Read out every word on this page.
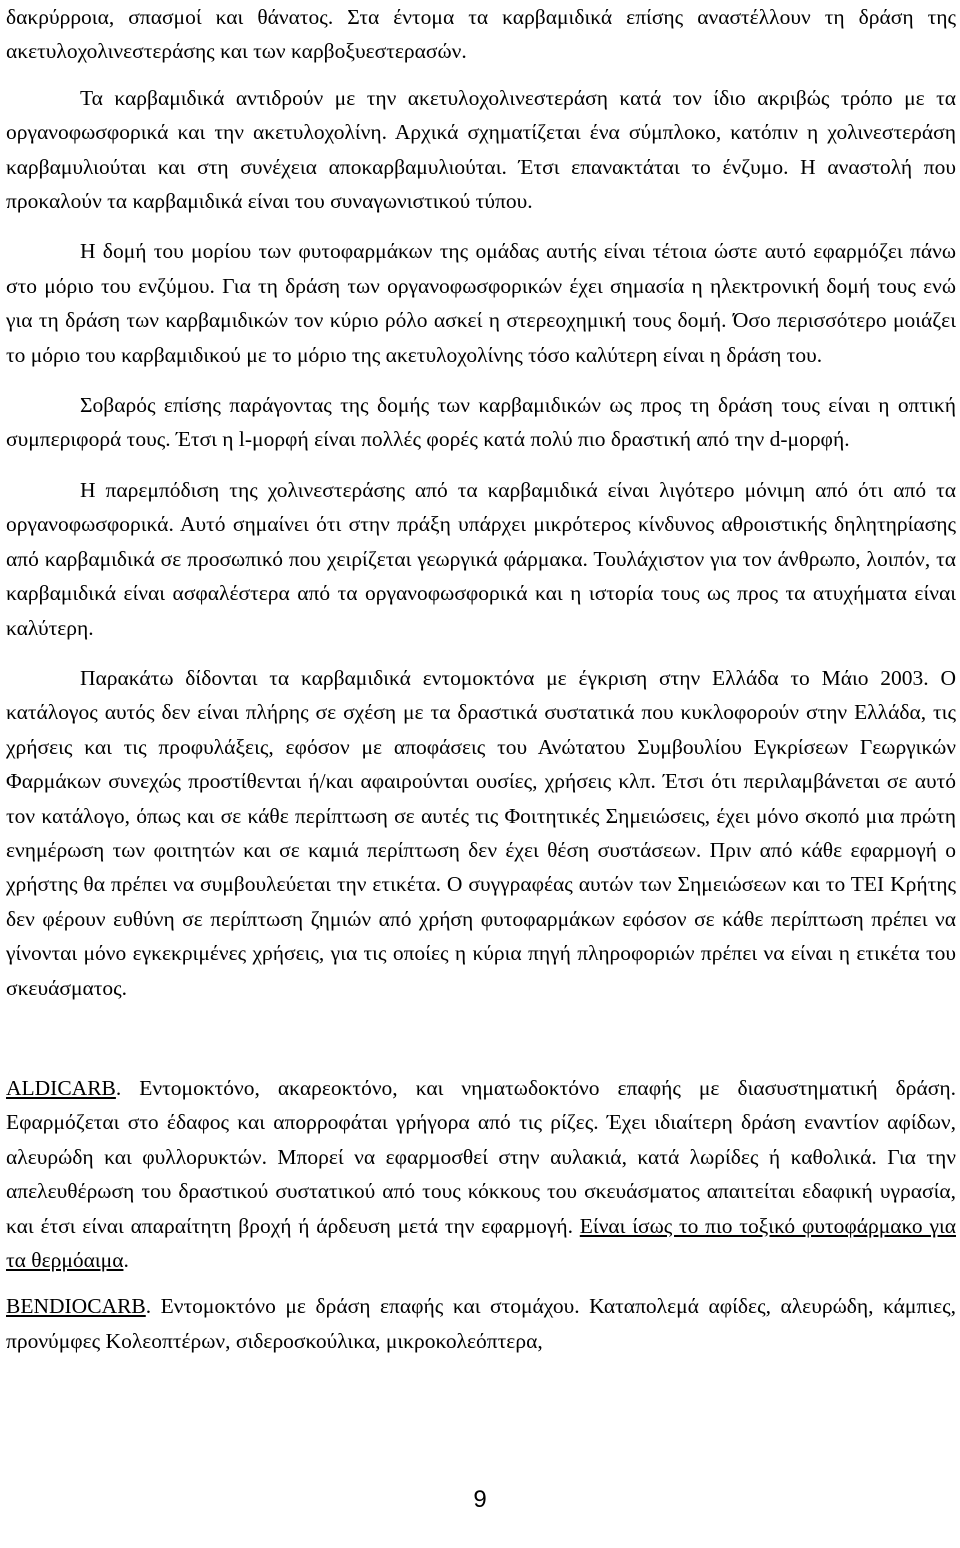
δακρύρροια, σπασμοί και θάνατος. Στα έντομα τα καρβαμιδικά επίσης αναστέλλουν τη δράση της ακετυλοχολινεστεράσης και των καρβοξυεστερασών.

Τα καρβαμιδικά αντιδρούν με την ακετυλοχολινεστεράση κατά τον ίδιο ακριβώς τρόπο με τα οργανοφωσφορικά και την ακετυλοχολίνη. Αρχικά σχηματίζεται ένα σύμπλοκο, κατόπιν η χολινεστεράση καρβαμυλιούται και στη συνέχεια αποκαρβαμυλιούται. Έτσι επανακτάται το ένζυμο. Η αναστολή που προκαλούν τα καρβαμιδικά είναι του συναγωνιστικού τύπου.

Η δομή του μορίου των φυτοφαρμάκων της ομάδας αυτής είναι τέτοια ώστε αυτό εφαρμόζει πάνω στο μόριο του ενζύμου. Για τη δράση των οργανοφωσφορικών έχει σημασία η ηλεκτρονική δομή τους ενώ για τη δράση των καρβαμιδικών τον κύριο ρόλο ασκεί η στερεοχημική τους δομή. Όσο περισσότερο μοιάζει το μόριο του καρβαμιδικού με το μόριο της ακετυλοχολίνης τόσο καλύτερη είναι η δράση του.

Σοβαρός επίσης παράγοντας της δομής των καρβαμιδικών ως προς τη δράση τους είναι η οπτική συμπεριφορά τους. Έτσι η l-μορφή είναι πολλές φορές κατά πολύ πιο δραστική από την d-μορφή.

Η παρεμπόδιση της χολινεστεράσης από τα καρβαμιδικά είναι λιγότερο μόνιμη από ότι από τα οργανοφωσφορικά. Αυτό σημαίνει ότι στην πράξη υπάρχει μικρότερος κίνδυνος αθροιστικής δηλητηρίασης από καρβαμιδικά σε προσωπικό που χειρίζεται γεωργικά φάρμακα. Τουλάχιστον για τον άνθρωπο, λοιπόν, τα καρβαμιδικά είναι ασφαλέστερα από τα οργανοφωσφορικά και η ιστορία τους ως προς τα ατυχήματα είναι καλύτερη.

Παρακάτω δίδονται τα καρβαμιδικά εντομοκτόνα με έγκριση στην Ελλάδα το Μάιο 2003. Ο κατάλογος αυτός δεν είναι πλήρης σε σχέση με τα δραστικά συστατικά που κυκλοφορούν στην Ελλάδα, τις χρήσεις και τις προφυλάξεις, εφόσον με αποφάσεις του Ανώτατου Συμβουλίου Εγκρίσεων Γεωργικών Φαρμάκων συνεχώς προστίθενται ή/και αφαιρούνται ουσίες, χρήσεις κλπ. Έτσι ότι περιλαμβάνεται σε αυτό τον κατάλογο, όπως και σε κάθε περίπτωση σε αυτές τις Φοιτητικές Σημειώσεις, έχει μόνο σκοπό μια πρώτη ενημέρωση των φοιτητών και σε καμιά περίπτωση δεν έχει θέση συστάσεων. Πριν από κάθε εφαρμογή ο χρήστης θα πρέπει να συμβουλεύεται την ετικέτα. Ο συγγραφέας αυτών των Σημειώσεων και το ΤΕΙ Κρήτης δεν φέρουν ευθύνη σε περίπτωση ζημιών από χρήση φυτοφαρμάκων εφόσον σε κάθε περίπτωση πρέπει να γίνονται μόνο εγκεκριμένες χρήσεις, για τις οποίες η κύρια πηγή πληροφοριών πρέπει να είναι η ετικέτα του σκευάσματος.

ALDICARB. Εντομοκτόνο, ακαρεοκτόνο, και νηματωδοκτόνο επαφής με διασυστηματική δράση. Εφαρμόζεται στο έδαφος και απορροφάται γρήγορα από τις ρίζες. Έχει ιδιαίτερη δράση εναντίον αφίδων, αλευρώδη και φυλλορυκτών. Μπορεί να εφαρμοσθεί στην αυλακιά, κατά λωρίδες ή καθολικά. Για την απελευθέρωση του δραστικού συστατικού από τους κόκκους του σκευάσματος απαιτείται εδαφική υγρασία, και έτσι είναι απαραίτητη βροχή ή άρδευση μετά την εφαρμογή. Είναι ίσως το πιο τοξικό φυτοφάρμακο για τα θερμόαιμα.

BENDIOCARB. Εντομοκτόνο με δράση επαφής και στομάχου. Καταπολεμά αφίδες, αλευρώδη, κάμπιες, προνύμφες Κολεοπτέρων, σιδεροσκούλικα, μικροκολεόπτερα,

9
